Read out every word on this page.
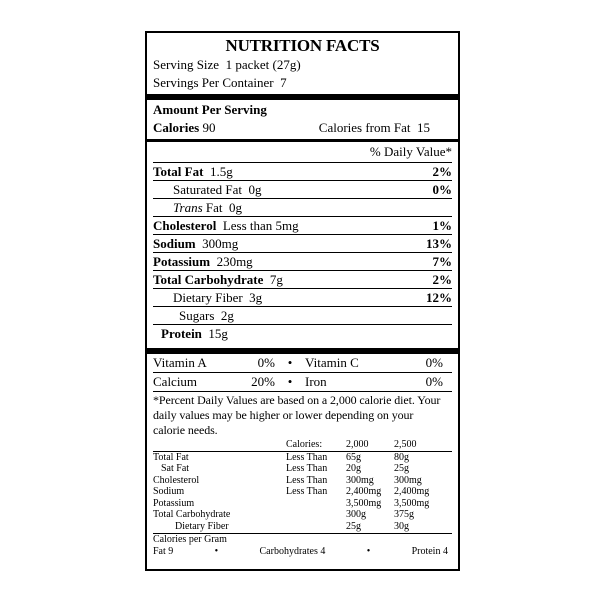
NUTRITION FACTS
Serving Size  1 packet (27g)
Servings Per Container  7
Amount Per Serving
Calories 90	Calories from Fat 15
% Daily Value*
Total Fat 1.5g	2%
Saturated Fat 0g	0%
Trans Fat 0g
Cholesterol Less than 5mg	1%
Sodium 300mg	13%
Potassium 230mg	7%
Total Carbohydrate 7g	2%
Dietary Fiber 3g	12%
Sugars 2g
Protein 15g
Vitamin A	0% • Vitamin C	0%
Calcium	20% • Iron	0%
*Percent Daily Values are based on a 2,000 calorie diet. Your daily values may be higher or lower depending on your calorie needs.
	Calories:	2,000	2,500
Total Fat	Less Than	65g	80g
Sat Fat	Less Than	20g	25g
Cholesterol	Less Than	300mg	300mg
Sodium	Less Than	2,400mg	2,400mg
Potassium		3,500mg	3,500mg
Total Carbohydrate		300g	375g
Dietary Fiber		25g	30g
Calories per Gram
Fat 9	•	Carbohydrates 4	•	Protein 4
